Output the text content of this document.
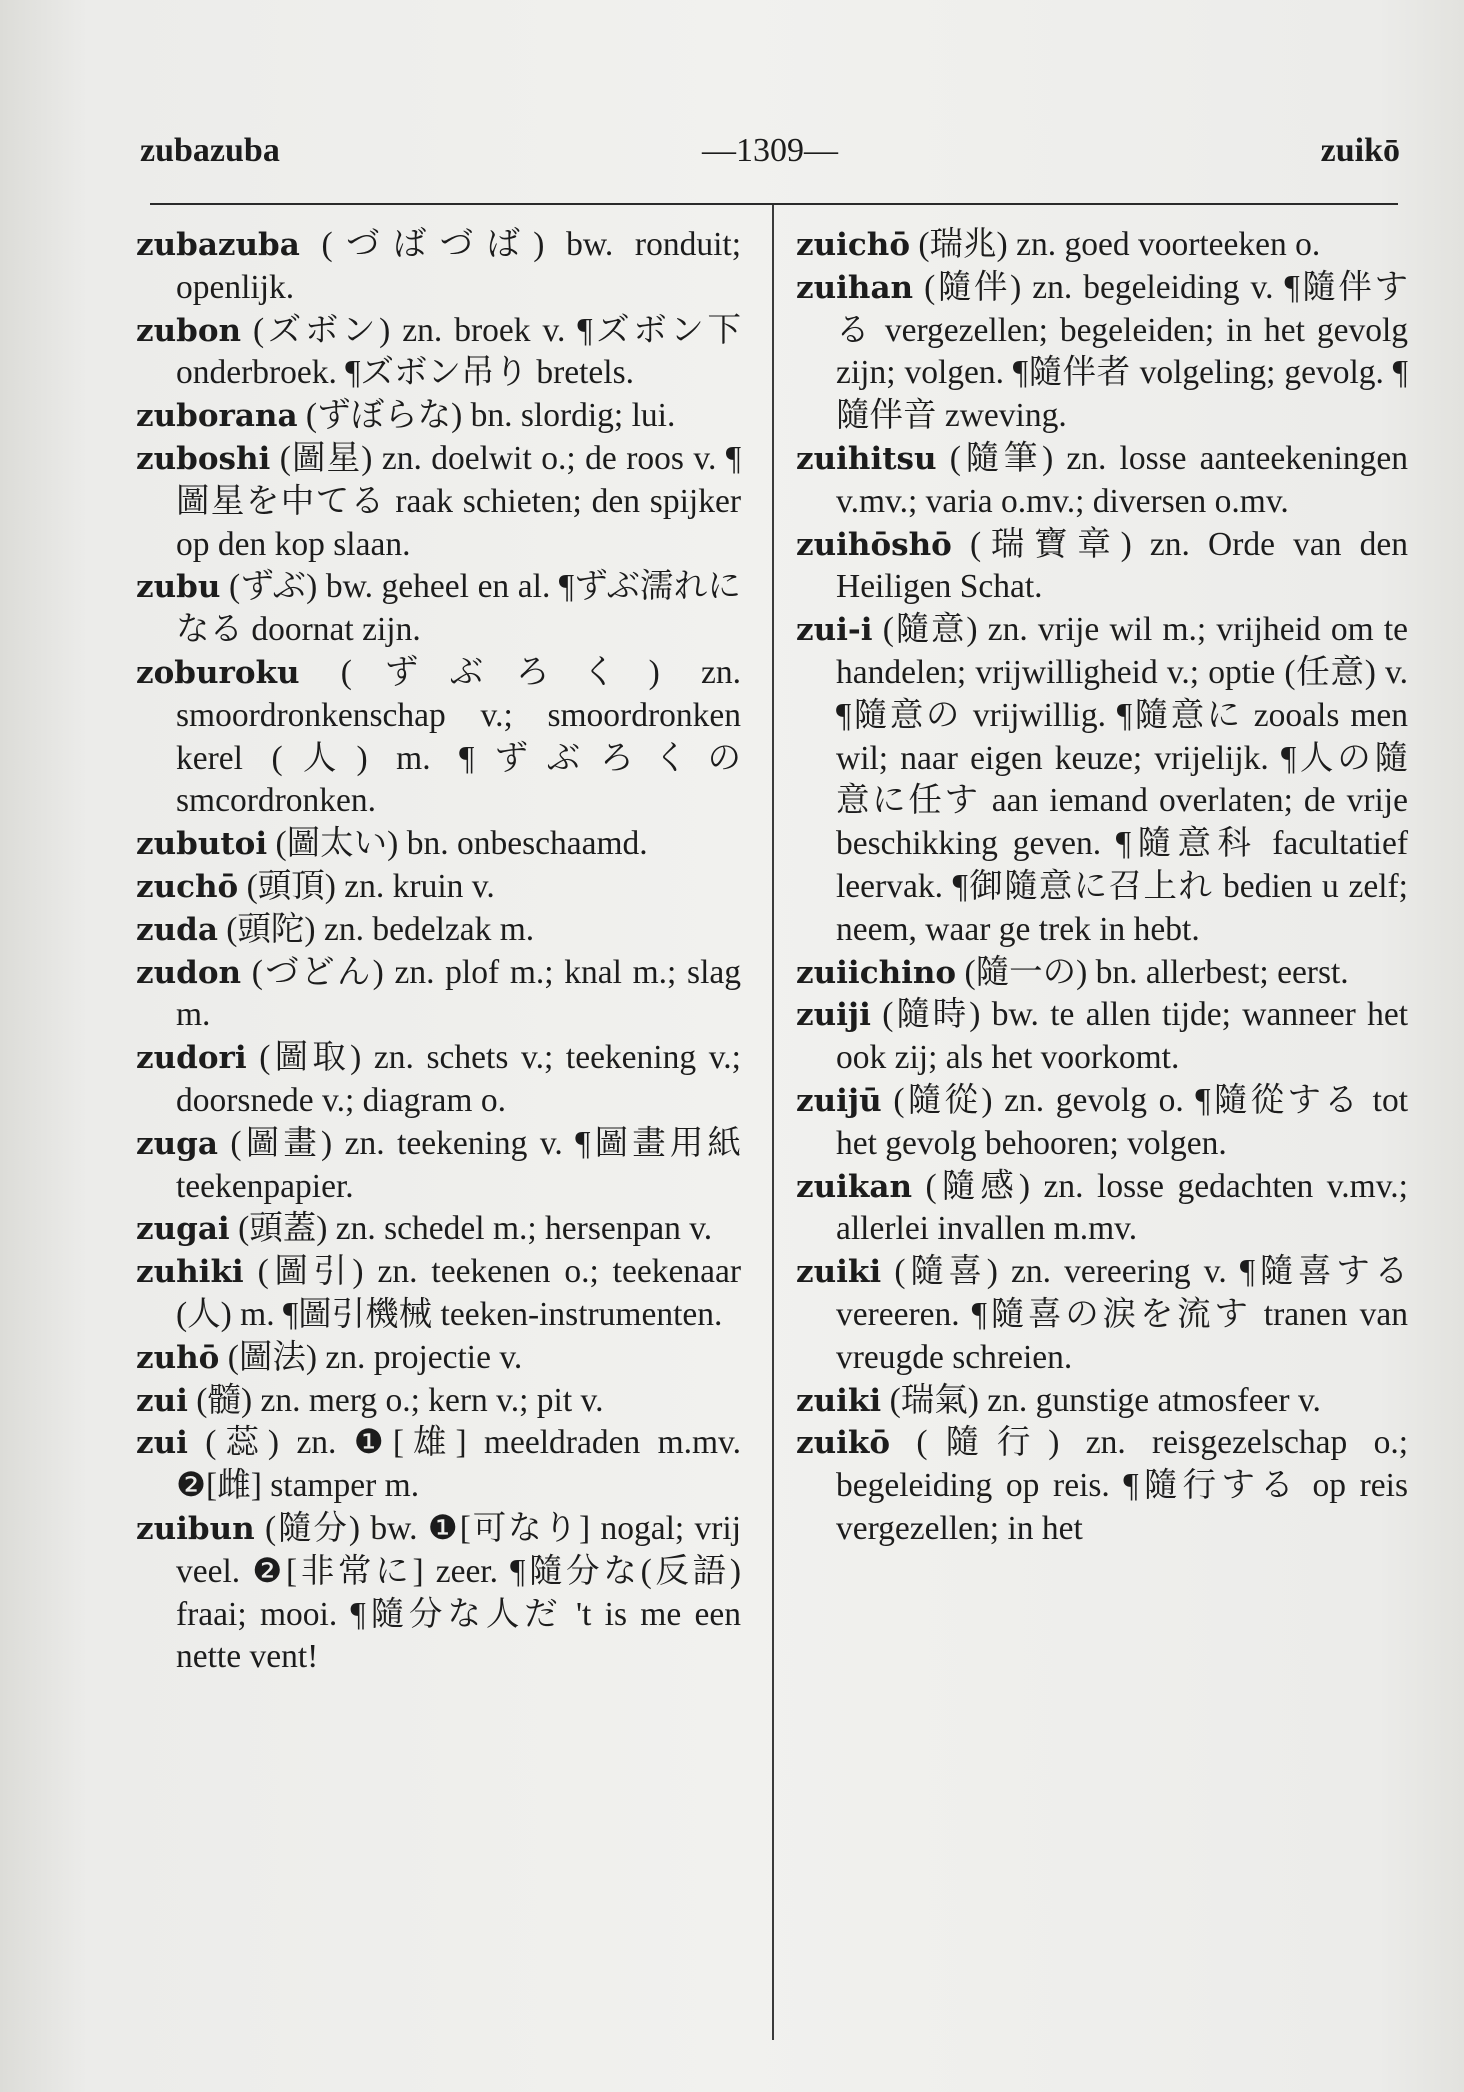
zubazuba	—1309—	zuikō

zubazuba (づばづば) bw. ronduit; openlijk.

zubon (ズボン) zn. broek v. ¶ズボン下 onderbroek. ¶ズボン吊り bretels.

zuborana (ずぼらな) bn. slordig; lui.

zuboshi (圖星) zn. doelwit o.; de roos v. ¶圖星を中てる raak schieten; den spijker op den kop slaan.

zubu (ずぶ) bw. geheel en al. ¶ずぶ濡れになる doornat zijn.

zoburoku (ずぶろく) zn. smoordronkenschap v.; smoordronken kerel (人) m. ¶ずぶろくの smcordronken.

zubutoi (圖太い) bn. onbeschaamd.

zuchō (頭頂) zn. kruin v.

zuda (頭陀) zn. bedelzak m.

zudon (づどん) zn. plof m.; knal m.; slag m.

zudori (圖取) zn. schets v.; teekening v.; doorsnede v.; diagram o.

zuga (圖畫) zn. teekening v. ¶圖畫用紙 teekenpapier.

zugai (頭蓋) zn. schedel m.; hersenpan v.

zuhiki (圖引) zn. teekenen o.; teekenaar (人) m. ¶圖引機械 teeken-instrumenten.

zuhō (圖法) zn. projectie v.

zui (髓) zn. merg o.; kern v.; pit v.

zui (蕊) zn. ❶[雄] meeldraden m.mv. ❷[雌] stamper m.

zuibun (隨分) bw. ❶[可なり] nogal; vrij veel. ❷[非常に] zeer. ¶隨分な(反語) fraai; mooi. ¶隨分な人だ 't is me een nette vent!

zuichō (瑞兆) zn. goed voorteeken o.

zuihan (隨伴) zn. begeleiding v. ¶隨伴する vergezellen; begeleiden; in het gevolg zijn; volgen. ¶隨伴者 volgeling; gevolg. ¶隨伴音 zweving.

zuihitsu (隨筆) zn. losse aanteekeningen v.mv.; varia o.mv.; diversen o.mv.

zuihōshō (瑞寶章) zn. Orde van den Heiligen Schat.

zui-i (隨意) zn. vrije wil m.; vrijheid om te handelen; vrijwilligheid v.; optie (任意) v. ¶隨意の vrijwillig. ¶隨意に zooals men wil; naar eigen keuze; vrijelijk. ¶人の隨意に任す aan iemand overlaten; de vrije beschikking geven. ¶隨意科 facultatief leervak. ¶御隨意に召上れ bedien u zelf; neem, waar ge trek in hebt.

zuiichino (隨一の) bn. allerbest; eerst.

zuiji (隨時) bw. te allen tijde; wanneer het ook zij; als het voorkomt.

zuijū (隨從) zn. gevolg o. ¶隨從する tot het gevolg behooren; volgen.

zuikan (隨感) zn. losse gedachten v.mv.; allerlei invallen m.mv.

zuiki (隨喜) zn. vereering v. ¶隨喜する vereeren. ¶隨喜の涙を流す tranen van vreugde schreien.

zuiki (瑞氣) zn. gunstige atmosfeer v.

zuikō (隨行) zn. reisgezelschap o.; begeleiding op reis. ¶隨行する op reis vergezellen; in het
